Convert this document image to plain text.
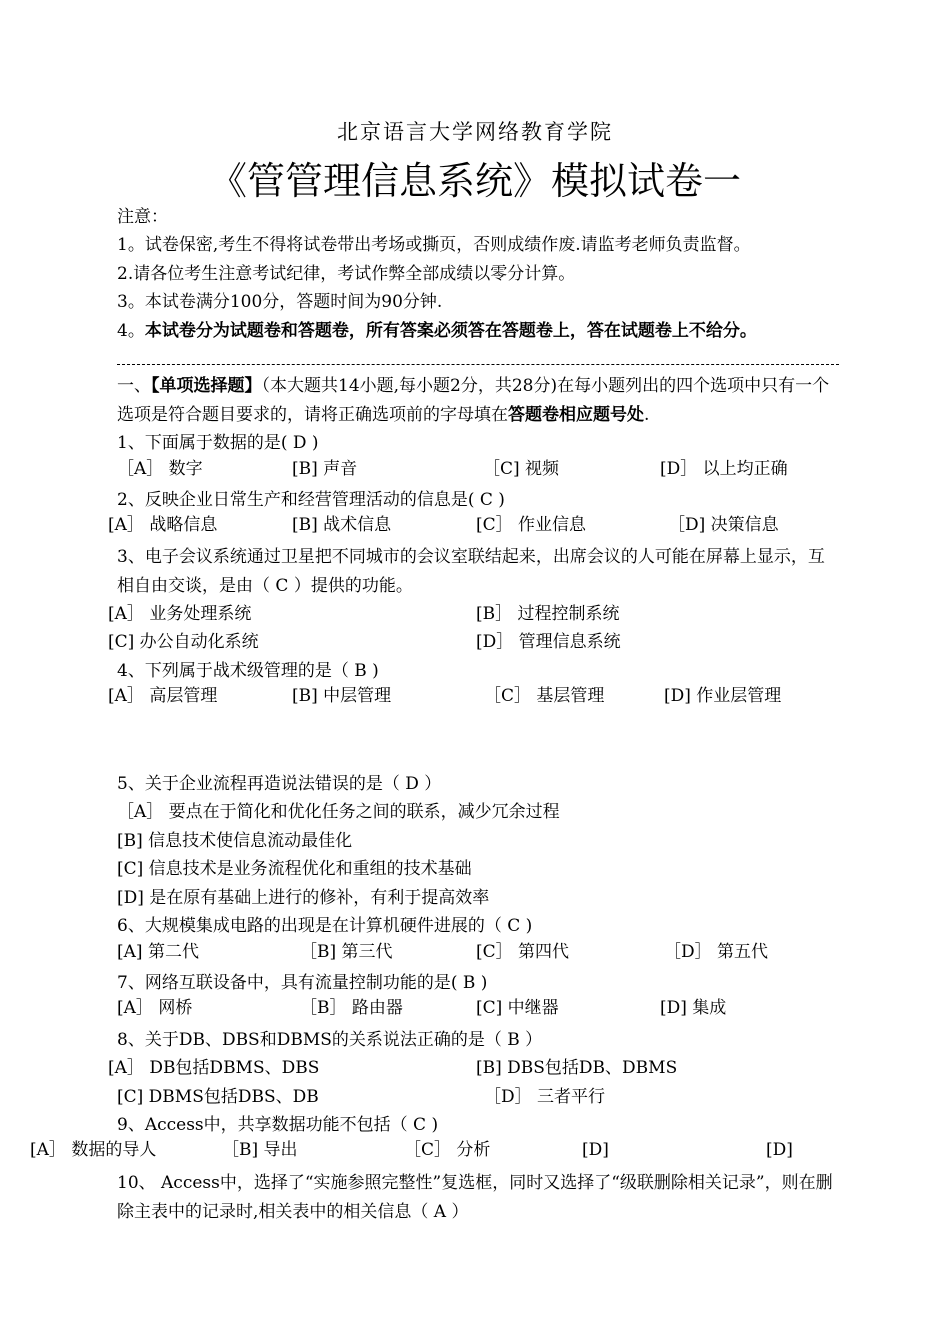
北京语言大学网络教育学院
《管管理信息系统》模拟试卷一
注意：
1。试卷保密,考生不得将试卷带出考场或撕页，否则成绩作废.请监考老师负责监督。
2.请各位考生注意考试纪律，考试作弊全部成绩以零分计算。
3。本试卷满分100分，答题时间为90分钟.
4。本试卷分为试题卷和答题卷，所有答案必须答在答题卷上，答在试题卷上不给分。
一、【单项选择题】（本大题共14小题,每小题2分，共28分)在每小题列出的四个选项中只有一个选项是符合题目要求的，请将正确选项前的字母填在答题卷相应题号处.
1、下面属于数据的是( D )
［A］ 数字	[B] 声音	［C] 视频	[D］ 以上均正确
2、反映企业日常生产和经营管理活动的信息是( C )
[A］ 战略信息	[B] 战术信息	[C］ 作业信息	［D] 决策信息
3、电子会议系统通过卫星把不同城市的会议室联结起来，出席会议的人可能在屏幕上显示，互相自由交谈，是由（ C ）提供的功能。
[A］ 业务处理系统	[B］ 过程控制系统
[C] 办公自动化系统	[D］ 管理信息系统
4、下列属于战术级管理的是（ B )
[A］ 高层管理	[B] 中层管理	［C］ 基层管理	[D] 作业层管理
5、关于企业流程再造说法错误的是（ D ）
［A］ 要点在于简化和优化任务之间的联系，减少冗余过程
[B] 信息技术使信息流动最佳化
[C] 信息技术是业务流程优化和重组的技术基础
[D] 是在原有基础上进行的修补，有利于提高效率
6、大规模集成电路的出现是在计算机硬件进展的（ C )
[A] 第二代	［B] 第三代	[C］ 第四代	［D］ 第五代
7、网络互联设备中，具有流量控制功能的是( B )
[A］ 网桥	［B］ 路由器	[C] 中继器	[D] 集成
8、关于DB、DBS和DBMS的关系说法正确的是（ B ）
[A］ DB包括DBMS、DBS	[B] DBS包括DB、DBMS
[C] DBMS包括DBS、DB	［D］ 三者平行
9、Access中，共享数据功能不包括（ C )
[A］ 数据的导人	［B] 导出	［C］ 分析	[D]	[D]
10、 Access中，选择了“实施参照完整性”复选框，同时又选择了“级联删除相关记录”，则在删除主表中的记录时,相关表中的相关信息（ A ）
